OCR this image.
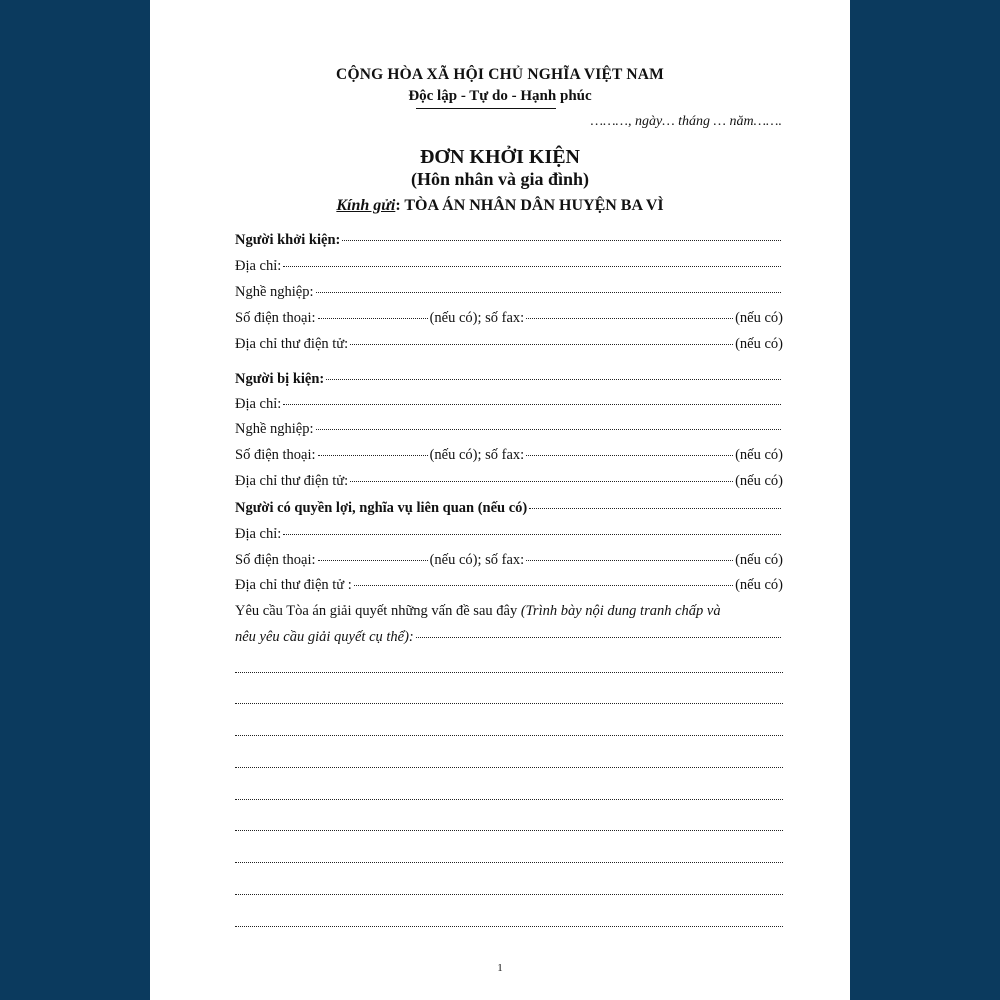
CỘNG HÒA XÃ HỘI CHỦ NGHĨA VIỆT NAM
Độc lập - Tự do - Hạnh phúc
………, ngày… tháng … năm…….
ĐƠN KHỞI KIỆN
(Hôn nhân và gia đình)
Kính gửi: TÒA ÁN NHÂN DÂN HUYỆN BA VÌ
Người khởi kiện:
Địa chỉ:
Nghề nghiệp:
Số điện thoại:	(nếu có); số fax:	(nếu có)
Địa chỉ thư điện tử:	(nếu có)
Người bị kiện:
Địa chỉ:
Nghề nghiệp:
Số điện thoại:	(nếu có); số fax:	(nếu có)
Địa chỉ thư điện tử:	(nếu có)
Người có quyền lợi, nghĩa vụ liên quan (nếu có)
Địa chỉ:
Số điện thoại:	(nếu có); số fax:	(nếu có)
Địa chỉ thư điện tử :	(nếu có)
Yêu cầu Tòa án giải quyết những vấn đề sau đây
(Trình bày nội dung tranh chấp và
nêu yêu cầu giải quyết cụ thể):
1
